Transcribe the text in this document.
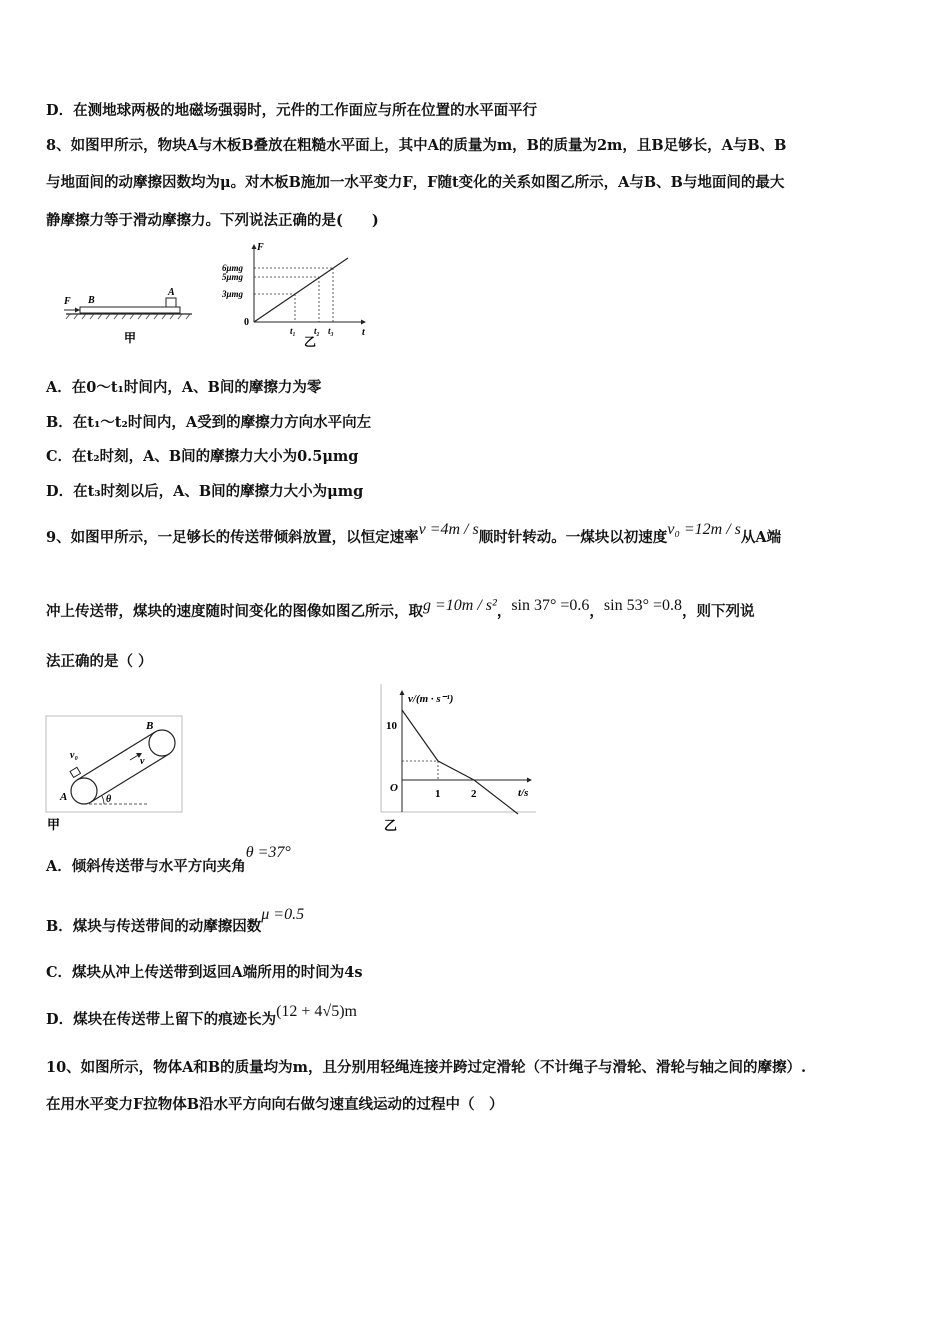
D．在测地球两极的地磁场强弱时，元件的工作面应与所在位置的水平面平行
8、如图甲所示，物块A与木板B叠放在粗糙水平面上，其中A的质量为m，B的质量为2m，且B足够长，A与B、B
与地面间的动摩擦因数均为μ。对木板B施加一水平变力F，F随t变化的关系如图乙所示，A与B、B与地面间的最大
静摩擦力等于滑动摩擦力。下列说法正确的是(　　)
F B
A
甲
F
t
0
6μmg
5μmg
3μmg
t₁ t₂ t₃
乙
A．在0～t₁时间内，A、B间的摩擦力为零
B．在t₁～t₂时间内，A受到的摩擦力方向水平向左
C．在t₂时刻，A、B间的摩擦力大小为0.5μmg
D．在t₃时刻以后，A、B间的摩擦力大小为μmg
9、如图甲所示，一足够长的传送带倾斜放置，以恒定速率v =4m / s顺时针转动。一煤块以初速度v₀ =12m / s从A端
冲上传送带，煤块的速度随时间变化的图像如图乙所示，取g =10m / s²，sin 37° =0.6，sin 53° =0.8，则下列说
法正确的是（ ）
v₀
v
B
A	θ
甲
v/(m · s⁻¹)
t/s
O
10
1	2
乙
A．倾斜传送带与水平方向夹角θ =37°
B．煤块与传送带间的动摩擦因数μ =0.5
C．煤块从冲上传送带到返回A端所用的时间为4s
D．煤块在传送带上留下的痕迹长为(12 + 4√5)m
10、如图所示，物体A和B的质量均为m，且分别用轻绳连接并跨过定滑轮（不计绳子与滑轮、滑轮与轴之间的摩擦）.
在用水平变力F拉物体B沿水平方向向右做匀速直线运动的过程中（　）
